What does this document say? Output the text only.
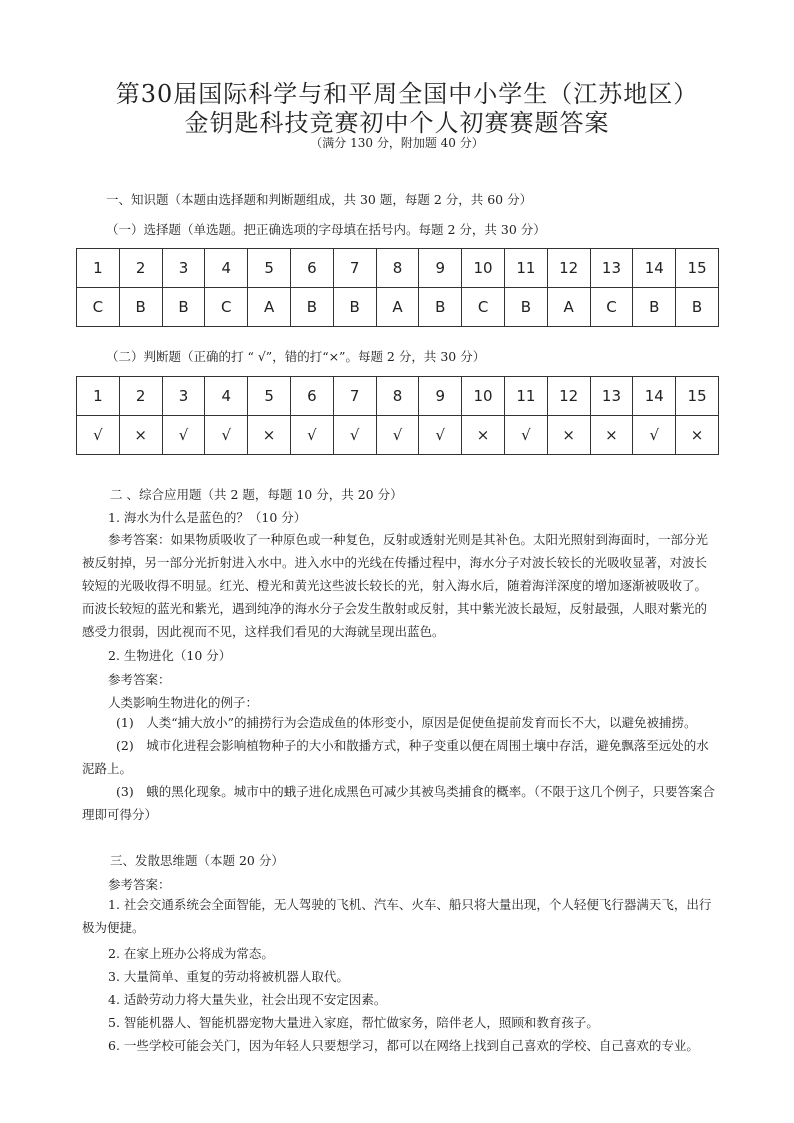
第30届国际科学与和平周全国中小学生（江苏地区）
金钥匙科技竞赛初中个人初赛赛题答案
（满分 130 分，附加题 40 分）
一、知识题（本题由选择题和判断题组成，共 30 题，每题 2 分，共 60 分）
（一）选择题（单选题。把正确选项的字母填在括号内。每题 2 分，共 30 分）
1	2	3	4	5	6	7	8	9	10	11	12	13	14	15
C	B	B	C	A	B	B	A	B	C	B	A	C	B	B
（二）判断题（正确的打 “ √”，错的打“×”。每题 2 分，共 30 分）
1	2	3	4	5	6	7	8	9	10	11	12	13	14	15
√	×	√	√	×	√	√	√	√	×	√	×	×	√	×
二 、综合应用题（共 2 题，每题 10 分，共 20 分）
1. 海水为什么是蓝色的？（10 分）
参考答案：如果物质吸收了一种原色或一种复色，反射或透射光则是其补色。太阳光照射到海面时，一部分光被反射掉，另一部分光折射进入水中。进入水中的光线在传播过程中，海水分子对波长较长的光吸收显著，对波长较短的光吸收得不明显。红光、橙光和黄光这些波长较长的光，射入海水后，随着海洋深度的增加逐渐被吸收了。而波长较短的蓝光和紫光，遇到纯净的海水分子会发生散射或反射，其中紫光波长最短，反射最强，人眼对紫光的感受力很弱，因此视而不见，这样我们看见的大海就呈现出蓝色。
2. 生物进化（10 分）
参考答案：
人类影响生物进化的例子：
(1)　人类“捕大放小”的捕捞行为会造成鱼的体形变小，原因是促使鱼提前发育而长不大，以避免被捕捞。
(2)　城市化进程会影响植物种子的大小和散播方式，种子变重以便在周围土壤中存活，避免飘落至远处的水泥路上。
(3)　蛾的黑化现象。城市中的蛾子进化成黑色可减少其被鸟类捕食的概率。（不限于这几个例子，只要答案合理即可得分）
三、发散思维题（本题 20 分）
参考答案：
1. 社会交通系统会全面智能，无人驾驶的飞机、汽车、火车、船只将大量出现，个人轻便飞行器满天飞，出行极为便捷。
2. 在家上班办公将成为常态。
3. 大量简单、重复的劳动将被机器人取代。
4. 适龄劳动力将大量失业，社会出现不安定因素。
5. 智能机器人、智能机器宠物大量进入家庭，帮忙做家务，陪伴老人，照顾和教育孩子。
6. 一些学校可能会关门，因为年轻人只要想学习，都可以在网络上找到自己喜欢的学校、自己喜欢的专业。
